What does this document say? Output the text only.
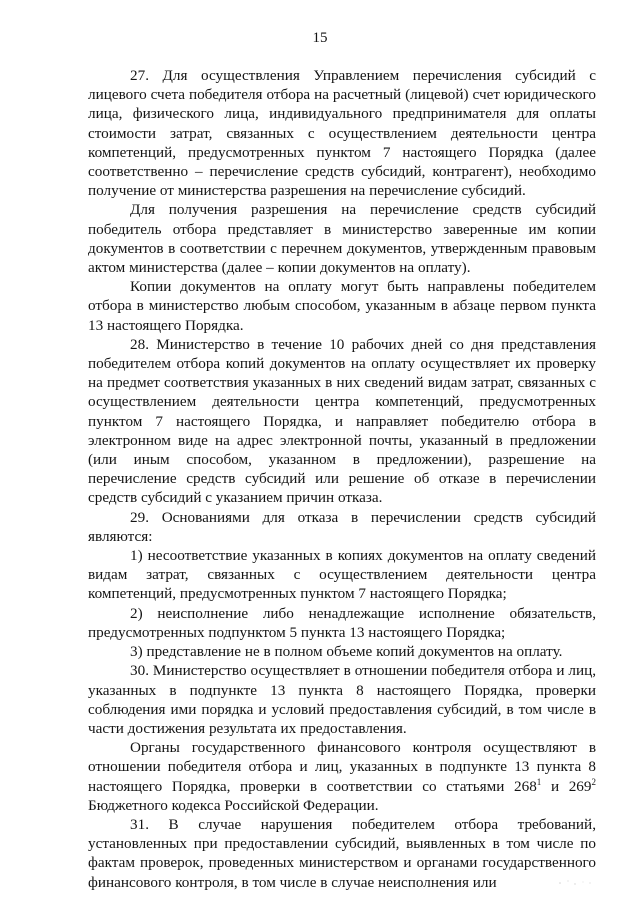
15

27. Для осуществления Управлением перечисления субсидий с лицевого счета победителя отбора на расчетный (лицевой) счет юридического лица, физического лица, индивидуального предпринимателя для оплаты стоимости затрат, связанных с осуществлением деятельности центра компетенций, предусмотренных пунктом 7 настоящего Порядка (далее соответственно – перечисление средств субсидий, контрагент), необходимо получение от министерства разрешения на перечисление субсидий.

Для получения разрешения на перечисление средств субсидий победитель отбора представляет в министерство заверенные им копии документов в соответствии с перечнем документов, утвержденным правовым актом министерства (далее – копии документов на оплату).

Копии документов на оплату могут быть направлены победителем отбора в министерство любым способом, указанным в абзаце первом пункта 13 настоящего Порядка.

28. Министерство в течение 10 рабочих дней со дня представления победителем отбора копий документов на оплату осуществляет их проверку на предмет соответствия указанных в них сведений видам затрат, связанных с осуществлением деятельности центра компетенций, предусмотренных пунктом 7 настоящего Порядка, и направляет победителю отбора в электронном виде на адрес электронной почты, указанный в предложении (или иным способом, указанном в предложении), разрешение на перечисление средств субсидий или решение об отказе в перечислении средств субсидий с указанием причин отказа.

29. Основаниями для отказа в перечислении средств субсидий являются:

1) несоответствие указанных в копиях документов на оплату сведений видам затрат, связанных с осуществлением деятельности центра компетенций, предусмотренных пунктом 7 настоящего Порядка;

2) неисполнение либо ненадлежащие исполнение обязательств, предусмотренных подпунктом 5 пункта 13 настоящего Порядка;

3) представление не в полном объеме копий документов на оплату.

30. Министерство осуществляет в отношении победителя отбора и лиц, указанных в подпункте 13 пункта 8 настоящего Порядка, проверки соблюдения ими порядка и условий предоставления субсидий, в том числе в части достижения результата их предоставления.

Органы государственного финансового контроля осуществляют в отношении победителя отбора и лиц, указанных в подпункте 13 пункта 8 настоящего Порядка, проверки в соответствии со статьями $268^1$ и $269^2$ Бюджетного кодекса Российской Федерации.

31. В случае нарушения победителем отбора требований, установленных при предоставлении субсидий, выявленных в том числе по фактам проверок, проведенных министерством и органами государственного финансового контроля, в том числе в случае неисполнения или
